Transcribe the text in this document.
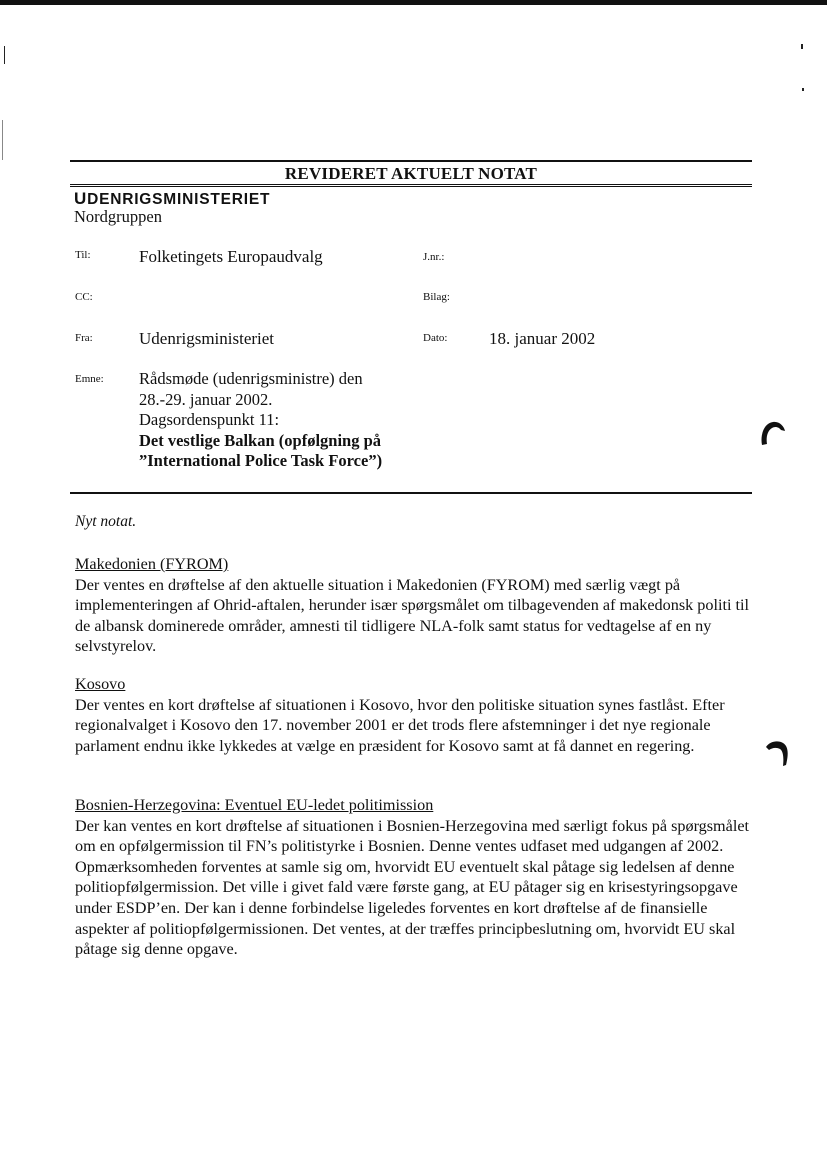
REVIDERET AKTUELT NOTAT
UDENRIGSMINISTERIET
Nordgruppen
Til:	Folketingets Europaudvalg	J.nr.:
CC:	Bilag:
Fra:	Udenrigsministeriet	Dato: 18. januar 2002
Emne: Rådsmøde (udenrigsministre) den
28.-29. januar 2002.
Dagsordenspunkt 11:
Det vestlige Balkan (opfølgning på ”International Police Task Force”)
Nyt notat.
Makedonien (FYROM)

Der ventes en drøftelse af den aktuelle situation i Makedonien (FYROM) med særlig vægt på implementeringen af Ohrid-aftalen, herunder især spørgsmålet om tilbagevenden af makedonsk politi til de albansk dominerede områder, amnesti til tidligere NLA-folk samt status for vedtagelse af en ny selvstyrelov.

Kosovo

Der ventes en kort drøftelse af situationen i Kosovo, hvor den politiske situation synes fastlåst. Efter regionalvalget i Kosovo den 17. november 2001 er det trods flere afstemninger i det nye regionale parlament endnu ikke lykkedes at vælge en præsident for Kosovo samt at få dannet en regering.

Bosnien-Herzegovina: Eventuel EU-ledet politimission

Der kan ventes en kort drøftelse af situationen i Bosnien-Herzegovina med særligt fokus på spørgsmålet om en opfølgermission til FN’s politistyrke i Bosnien. Denne ventes udfaset med udgangen af 2002. Opmærksomheden forventes at samle sig om, hvorvidt EU eventuelt skal påtage sig ledelsen af denne politiopfølgermission. Det ville i givet fald være første gang, at EU påtager sig en krisestyringsopgave under ESDP’en. Der kan i denne forbindelse ligeledes forventes en kort drøftelse af de finansielle aspekter af politiopfølgermissionen. Det ventes, at der træffes principbeslutning om, hvorvidt EU skal påtage sig denne opgave.
